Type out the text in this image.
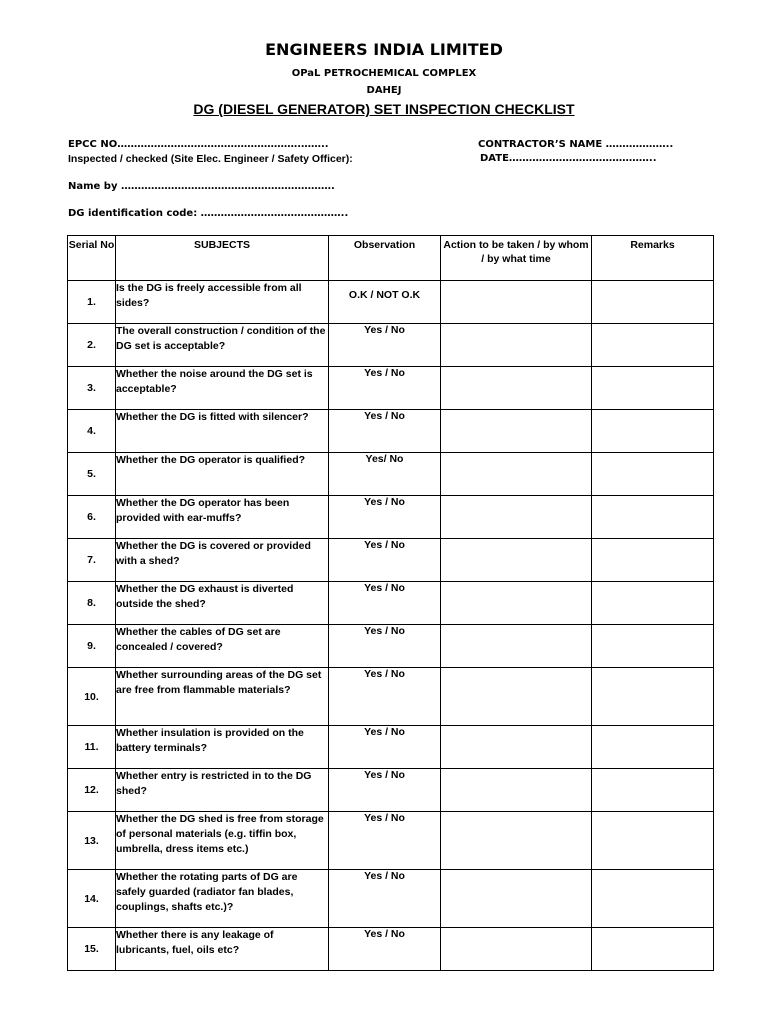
ENGINEERS INDIA LIMITED
OPaL PETROCHEMICAL COMPLEX
DAHEJ
DG (DIESEL GENERATOR) SET INSPECTION CHECKLIST
EPCC NO……………………………………………….……..	CONTRACTOR’S NAME ………………..
Inspected / checked (Site Elec. Engineer / Safety Officer):	DATE……………………………………..
Name by ……………………………………………………….
DG identification code: ……………………………………..
Serial No	SUBJECTS	Observation	Action to be taken / by whom / by what time	Remarks
1.	Is the DG is freely accessible from all sides?	O.K / NOT O.K		
2.	The overall construction / condition of the DG set is acceptable?	Yes / No		
3.	Whether the noise around the DG set is acceptable?	Yes / No		
4.	Whether the DG is fitted with silencer?	Yes / No		
5.	Whether the DG operator is qualified?	Yes/ No		
6.	Whether the DG operator has been provided with ear-muffs?	Yes / No		
7.	Whether the DG is covered or provided with a shed?	Yes / No		
8.	Whether the DG exhaust is diverted outside the shed?	Yes / No		
9.	Whether the cables of DG set are concealed / covered?	Yes / No		
10.	Whether surrounding areas of the DG set are free from flammable materials?	Yes / No		
11.	Whether insulation is provided on the battery terminals?	Yes / No		
12.	Whether entry is restricted in to the DG shed?	Yes / No		
13.	Whether the DG shed is free from storage of personal materials (e.g. tiffin box, umbrella, dress items etc.)	Yes / No		
14.	Whether the rotating parts of DG are safely guarded (radiator fan blades, couplings, shafts etc.)?	Yes / No		
15.	Whether there is any leakage of lubricants, fuel, oils etc?	Yes / No		
